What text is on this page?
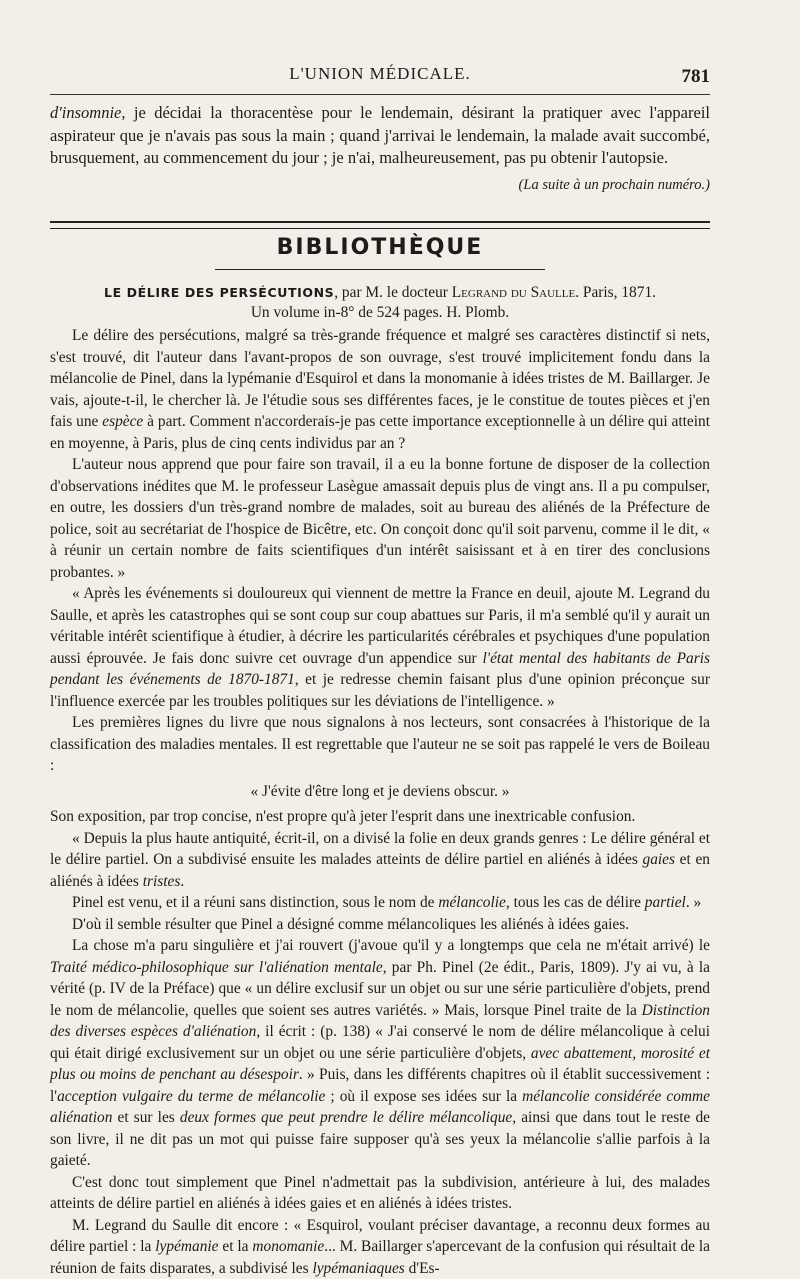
L'UNION MÉDICALE.	781

d'insomnie, je décidai la thoracentèse pour le lendemain, désirant la pratiquer avec l'appareil aspirateur que je n'avais pas sous la main ; quand j'arrivai le lendemain, la malade avait succombé, brusquement, au commencement du jour ; je n'ai, malheureusement, pas pu obtenir l'autopsie.

(La suite à un prochain numéro.)

BIBLIOTHÈQUE
LE DÉLIRE DES PERSÉCUTIONS, par M. le docteur Legrand du Saulle. Paris, 1871.
Un volume in-8° de 524 pages. H. Plomb.

Le délire des persécutions, malgré sa très-grande fréquence et malgré ses caractères distinctif si nets, s'est trouvé, dit l'auteur dans l'avant-propos de son ouvrage, s'est trouvé implicitement fondu dans la mélancolie de Pinel, dans la lypémanie d'Esquirol et dans la monomanie à idées tristes de M. Baillarger. Je vais, ajoute-t-il, le chercher là. Je l'étudie sous ses différentes faces, je le constitue de toutes pièces et j'en fais une espèce à part. Comment n'accorderais-je pas cette importance exceptionnelle à un délire qui atteint en moyenne, à Paris, plus de cinq cents individus par an ?

L'auteur nous apprend que pour faire son travail, il a eu la bonne fortune de disposer de la collection d'observations inédites que M. le professeur Lasègue amassait depuis plus de vingt ans. Il a pu compulser, en outre, les dossiers d'un très-grand nombre de malades, soit au bureau des aliénés de la Préfecture de police, soit au secrétariat de l'hospice de Bicêtre, etc. On conçoit donc qu'il soit parvenu, comme il le dit, « à réunir un certain nombre de faits scientifiques d'un intérêt saisissant et à en tirer des conclusions probantes. »

« Après les événements si douloureux qui viennent de mettre la France en deuil, ajoute M. Legrand du Saulle, et après les catastrophes qui se sont coup sur coup abattues sur Paris, il m'a semblé qu'il y aurait un véritable intérêt scientifique à étudier, à décrire les particularités cérébrales et psychiques d'une population aussi éprouvée. Je fais donc suivre cet ouvrage d'un appendice sur l'état mental des habitants de Paris pendant les événements de 1870-1871, et je redresse chemin faisant plus d'une opinion préconçue sur l'influence exercée par les troubles politiques sur les déviations de l'intelligence. »

Les premières lignes du livre que nous signalons à nos lecteurs, sont consacrées à l'historique de la classification des maladies mentales. Il est regrettable que l'auteur ne se soit pas rappelé le vers de Boileau :

« J'évite d'être long et je deviens obscur. »

Son exposition, par trop concise, n'est propre qu'à jeter l'esprit dans une inextricable confusion.

« Depuis la plus haute antiquité, écrit-il, on a divisé la folie en deux grands genres : Le délire général et le délire partiel. On a subdivisé ensuite les malades atteints de délire partiel en aliénés à idées gaies et en aliénés à idées tristes.

Pinel est venu, et il a réuni sans distinction, sous le nom de mélancolie, tous les cas de délire partiel. »

D'où il semble résulter que Pinel a désigné comme mélancoliques les aliénés à idées gaies.

La chose m'a paru singulière et j'ai rouvert (j'avoue qu'il y a longtemps que cela ne m'était arrivé) le Traité médico-philosophique sur l'aliénation mentale, par Ph. Pinel (2e édit., Paris, 1809). J'y ai vu, à la vérité (p. IV de la Préface) que « un délire exclusif sur un objet ou sur une série particulière d'objets, prend le nom de mélancolie, quelles que soient ses autres variétés. » Mais, lorsque Pinel traite de la Distinction des diverses espèces d'aliénation, il écrit : (p. 138) « J'ai conservé le nom de délire mélancolique à celui qui était dirigé exclusivement sur un objet ou une série particulière d'objets, avec abattement, morosité et plus ou moins de penchant au désespoir. » Puis, dans les différents chapitres où il établit successivement : l'acception vulgaire du terme de mélancolie ; où il expose ses idées sur la mélancolie considérée comme aliénation et sur les deux formes que peut prendre le délire mélancolique, ainsi que dans tout le reste de son livre, il ne dit pas un mot qui puisse faire supposer qu'à ses yeux la mélancolie s'allie parfois à la gaieté.

C'est donc tout simplement que Pinel n'admettait pas la subdivision, antérieure à lui, des malades atteints de délire partiel en aliénés à idées gaies et en aliénés à idées tristes.

M. Legrand du Saulle dit encore : « Esquirol, voulant préciser davantage, a reconnu deux formes au délire partiel : la lypémanie et la monomanie... M. Baillarger s'apercevant de la confusion qui résultait de la réunion de faits disparates, a subdivisé les lypémaniaques d'Es-
